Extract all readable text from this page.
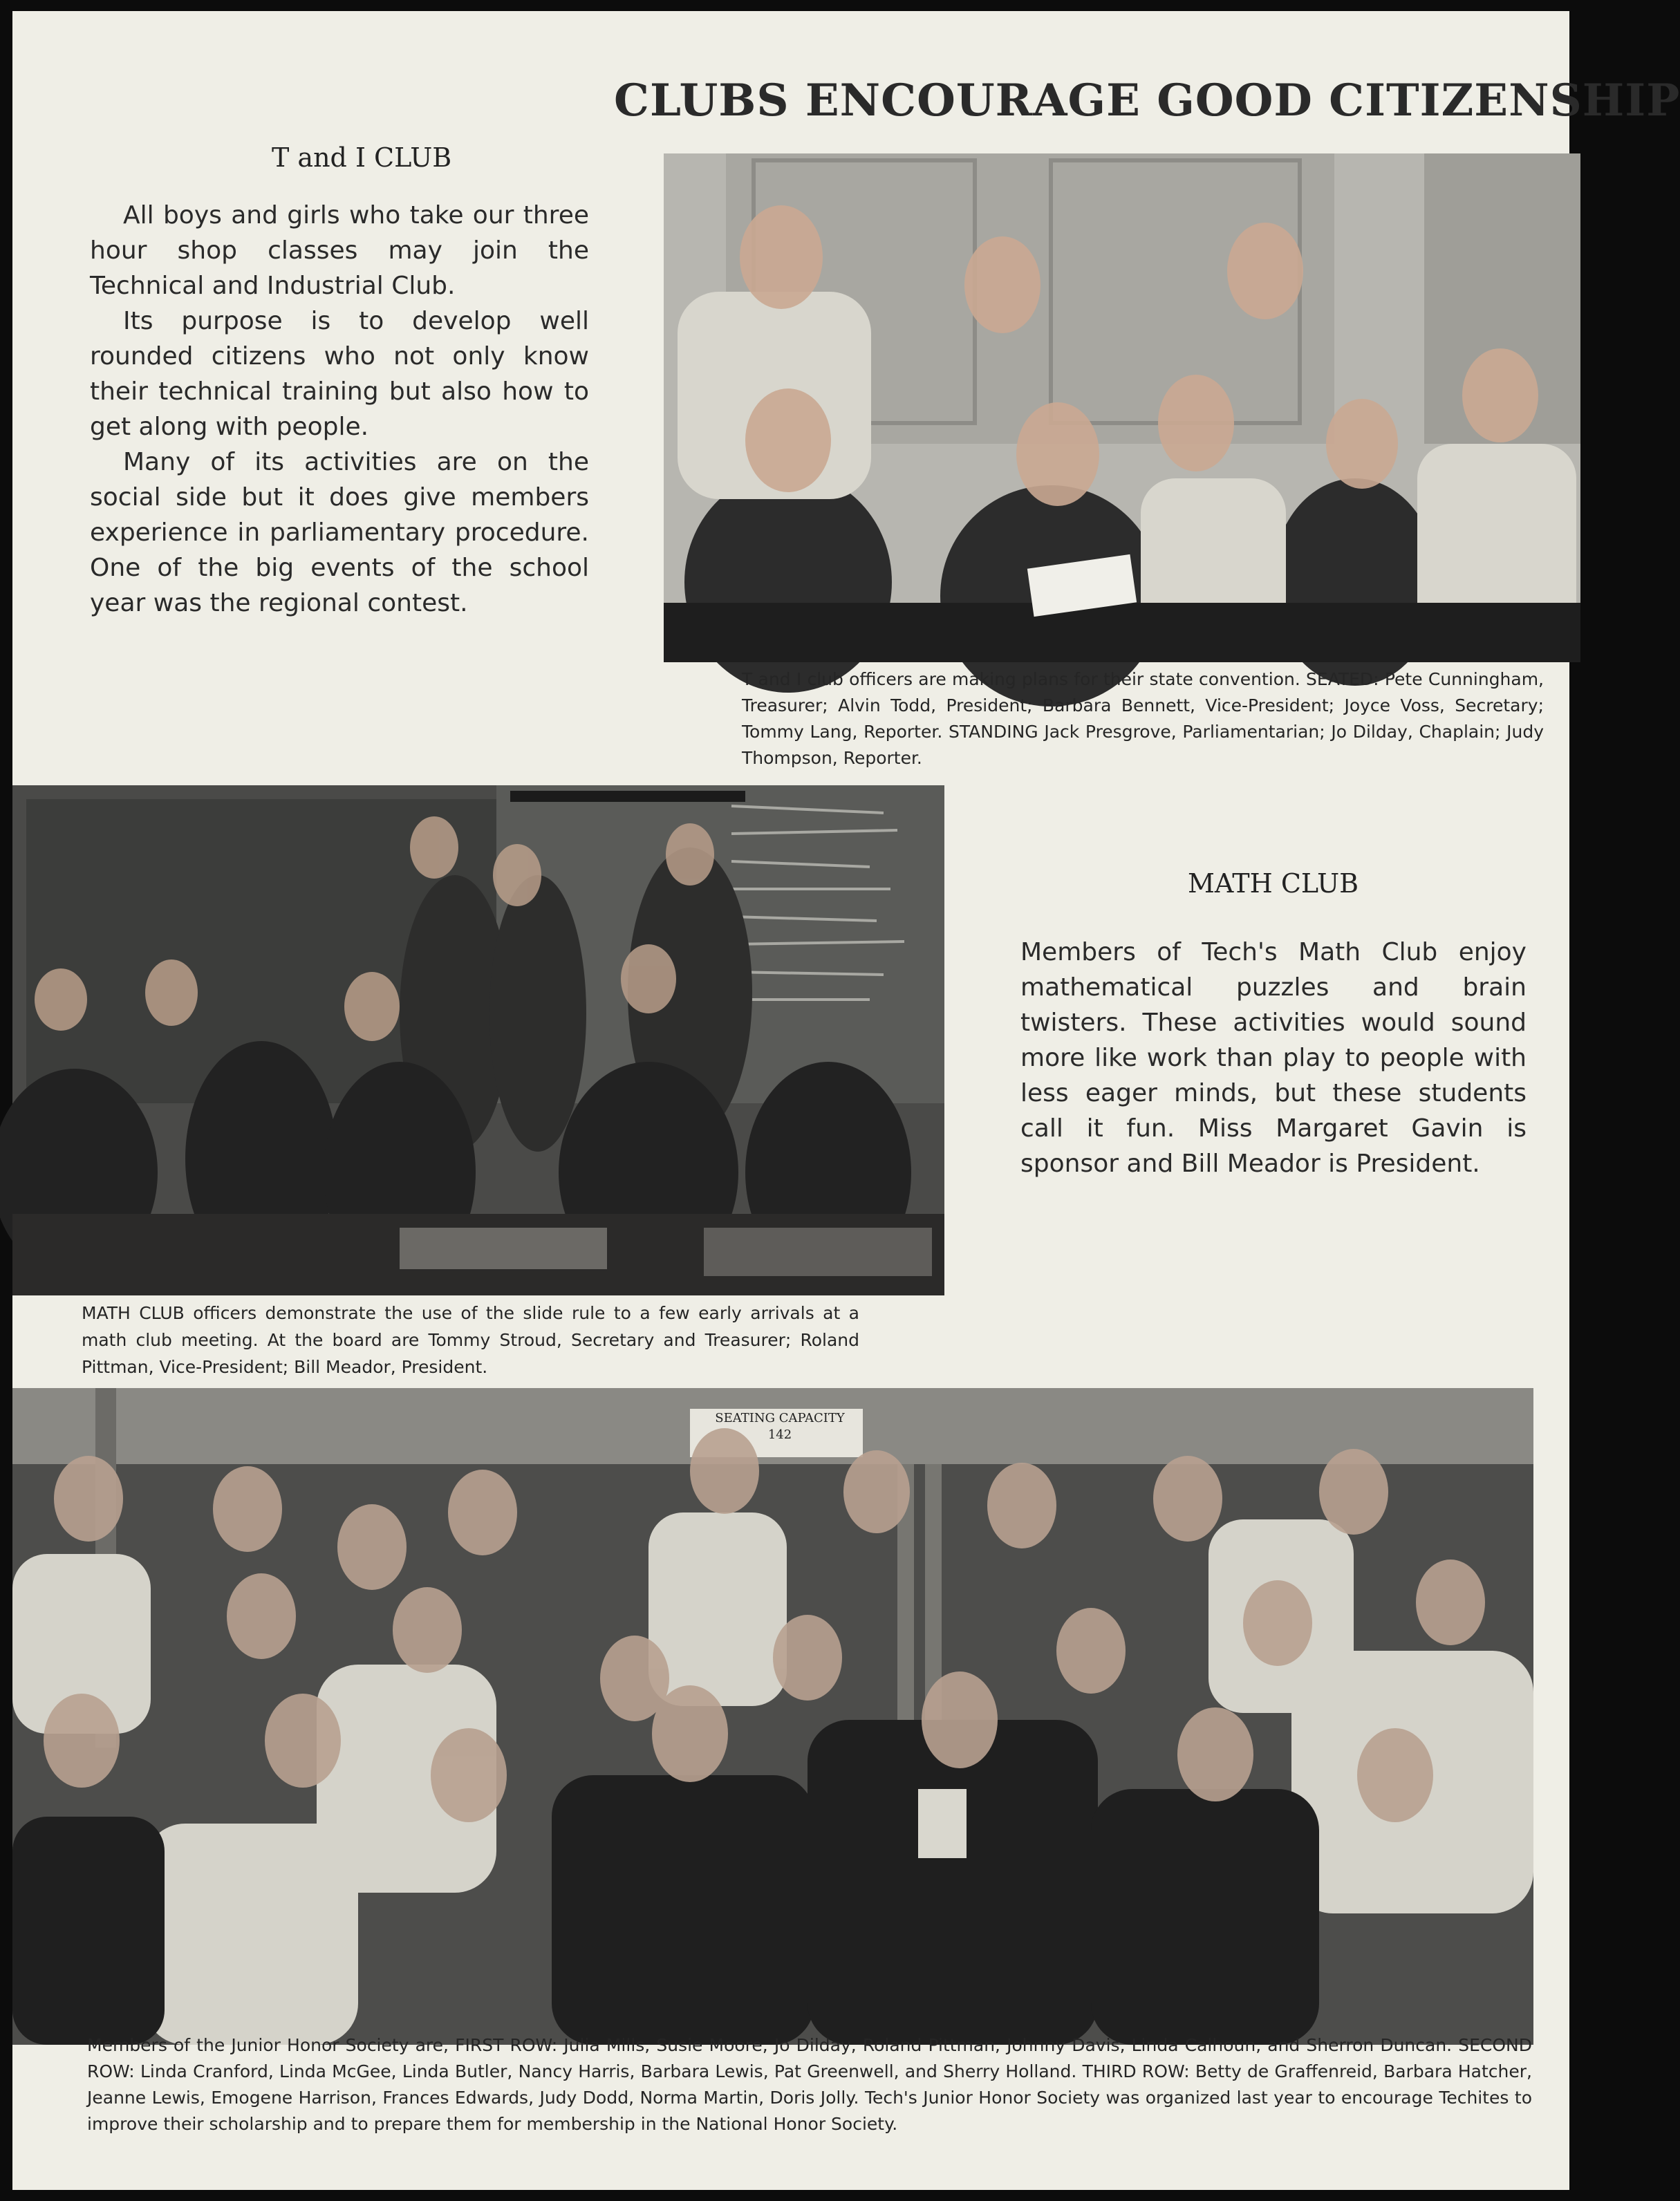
CLUBS ENCOURAGE GOOD CITIZENSHIP
T and I CLUB

All boys and girls who take our three hour shop classes may join the Technical and Industrial Club.

Its purpose is to develop well rounded citizens who not only know their technical training but also how to get along with people.

Many of its activities are on the social side but it does give members experience in parliamentary procedure. One of the big events of the school year was the regional contest.

T and I club officers are making plans for their state convention. SEATED: Pete Cunningham, Treasurer; Alvin Todd, President; Barbara Bennett, Vice-President; Joyce Voss, Secretary; Tommy Lang, Reporter. STANDING Jack Presgrove, Parliamentarian; Jo Dilday, Chaplain; Judy Thompson, Reporter.

MATH CLUB

Members of Tech's Math Club enjoy mathematical puzzles and brain twisters. These activities would sound more like work than play to people with less eager minds, but these students call it fun. Miss Margaret Gavin is sponsor and Bill Meador is President.

MATH CLUB officers demonstrate the use of the slide rule to a few early arrivals at a math club meeting. At the board are Tommy Stroud, Secretary and Treasurer; Roland Pittman, Vice-President; Bill Meador, President.

SEATING CAPACITY 142

Members of the Junior Honor Society are, FIRST ROW: Julia Mills, Susie Moore, Jo Dilday, Roland Pittman, Johnny Davis, Linda Calhoun, and Sherron Duncan. SECOND ROW: Linda Cranford, Linda McGee, Linda Butler, Nancy Harris, Barbara Lewis, Pat Greenwell, and Sherry Holland. THIRD ROW: Betty de Graffenreid, Barbara Hatcher, Jeanne Lewis, Emogene Harrison, Frances Edwards, Judy Dodd, Norma Martin, Doris Jolly. Tech's Junior Honor Society was organized last year to encourage Techites to improve their scholarship and to prepare them for membership in the National Honor Society.
